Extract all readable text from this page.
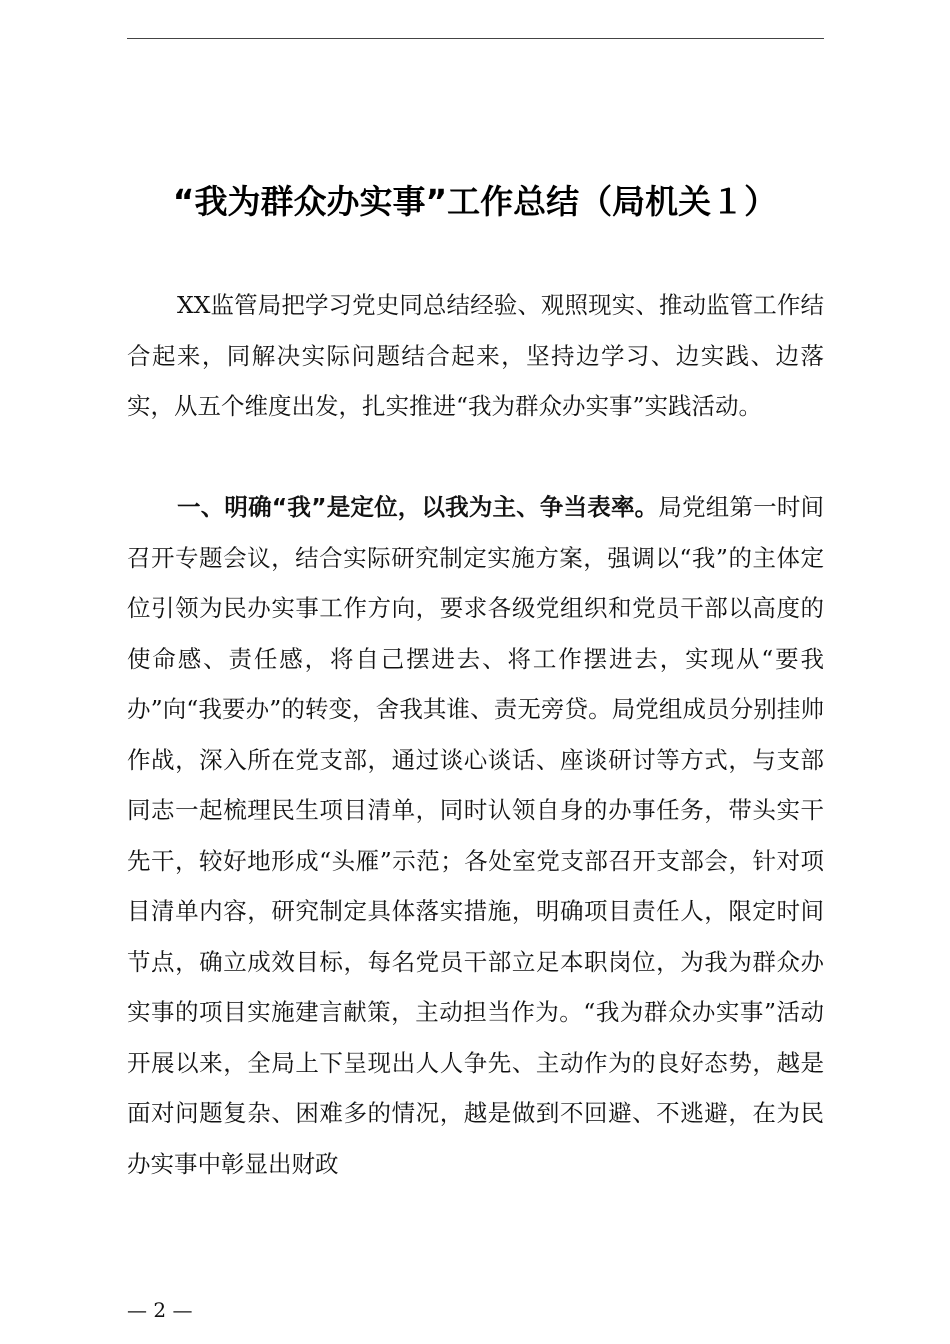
“我为群众办实事”工作总结（局机关１）

XX监管局把学习党史同总结经验、观照现实、推动监管工作结合起来，同解决实际问题结合起来，坚持边学习、边实践、边落实，从五个维度出发，扎实推进“我为群众办实事”实践活动。

一、明确“我”是定位，以我为主、争当表率。局党组第一时间召开专题会议，结合实际研究制定实施方案，强调以“我”的主体定位引领为民办实事工作方向，要求各级党组织和党员干部以高度的使命感、责任感，将自己摆进去、将工作摆进去，实现从“要我办”向“我要办”的转变，舍我其谁、责无旁贷。局党组成员分别挂帅作战，深入所在党支部，通过谈心谈话、座谈研讨等方式，与支部同志一起梳理民生项目清单，同时认领自身的办事任务，带头实干先干，较好地形成“头雁”示范；各处室党支部召开支部会，针对项目清单内容，研究制定具体落实措施，明确项目责任人，限定时间节点，确立成效目标，每名党员干部立足本职岗位，为我为群众办实事的项目实施建言献策，主动担当作为。“我为群众办实事”活动开展以来，全局上下呈现出人人争先、主动作为的良好态势，越是面对问题复杂、困难多的情况，越是做到不回避、不逃避，在为民办实事中彰显出财政

— 2 —
